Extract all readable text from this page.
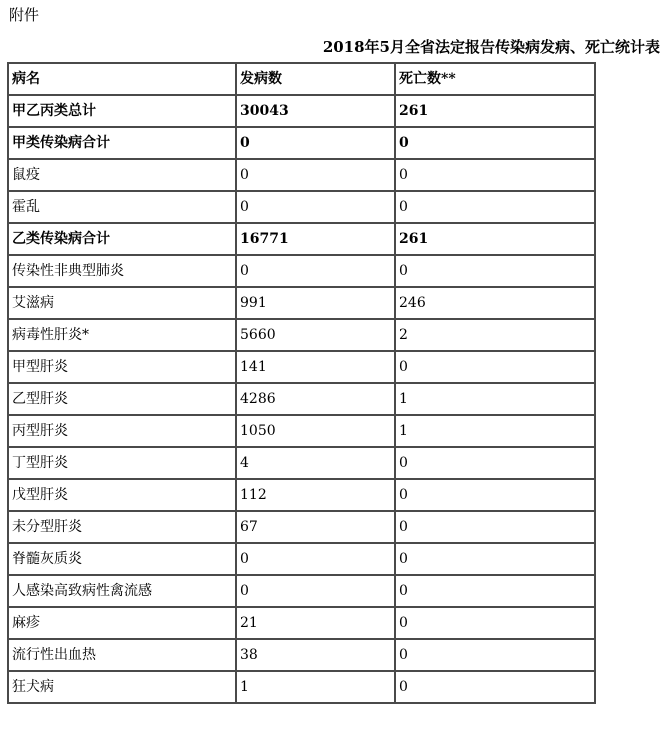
附件
2018年5月全省法定报告传染病发病、死亡统计表
病名	发病数	死亡数**
甲乙丙类总计	30043	261
甲类传染病合计	0	0
鼠疫	0	0
霍乱	0	0
乙类传染病合计	16771	261
传染性非典型肺炎	0	0
艾滋病	991	246
病毒性肝炎*	5660	2
甲型肝炎	141	0
乙型肝炎	4286	1
丙型肝炎	1050	1
丁型肝炎	4	0
戊型肝炎	112	0
未分型肝炎	67	0
脊髓灰质炎	0	0
人感染高致病性禽流感	0	0
麻疹	21	0
流行性出血热	38	0
狂犬病	1	0
